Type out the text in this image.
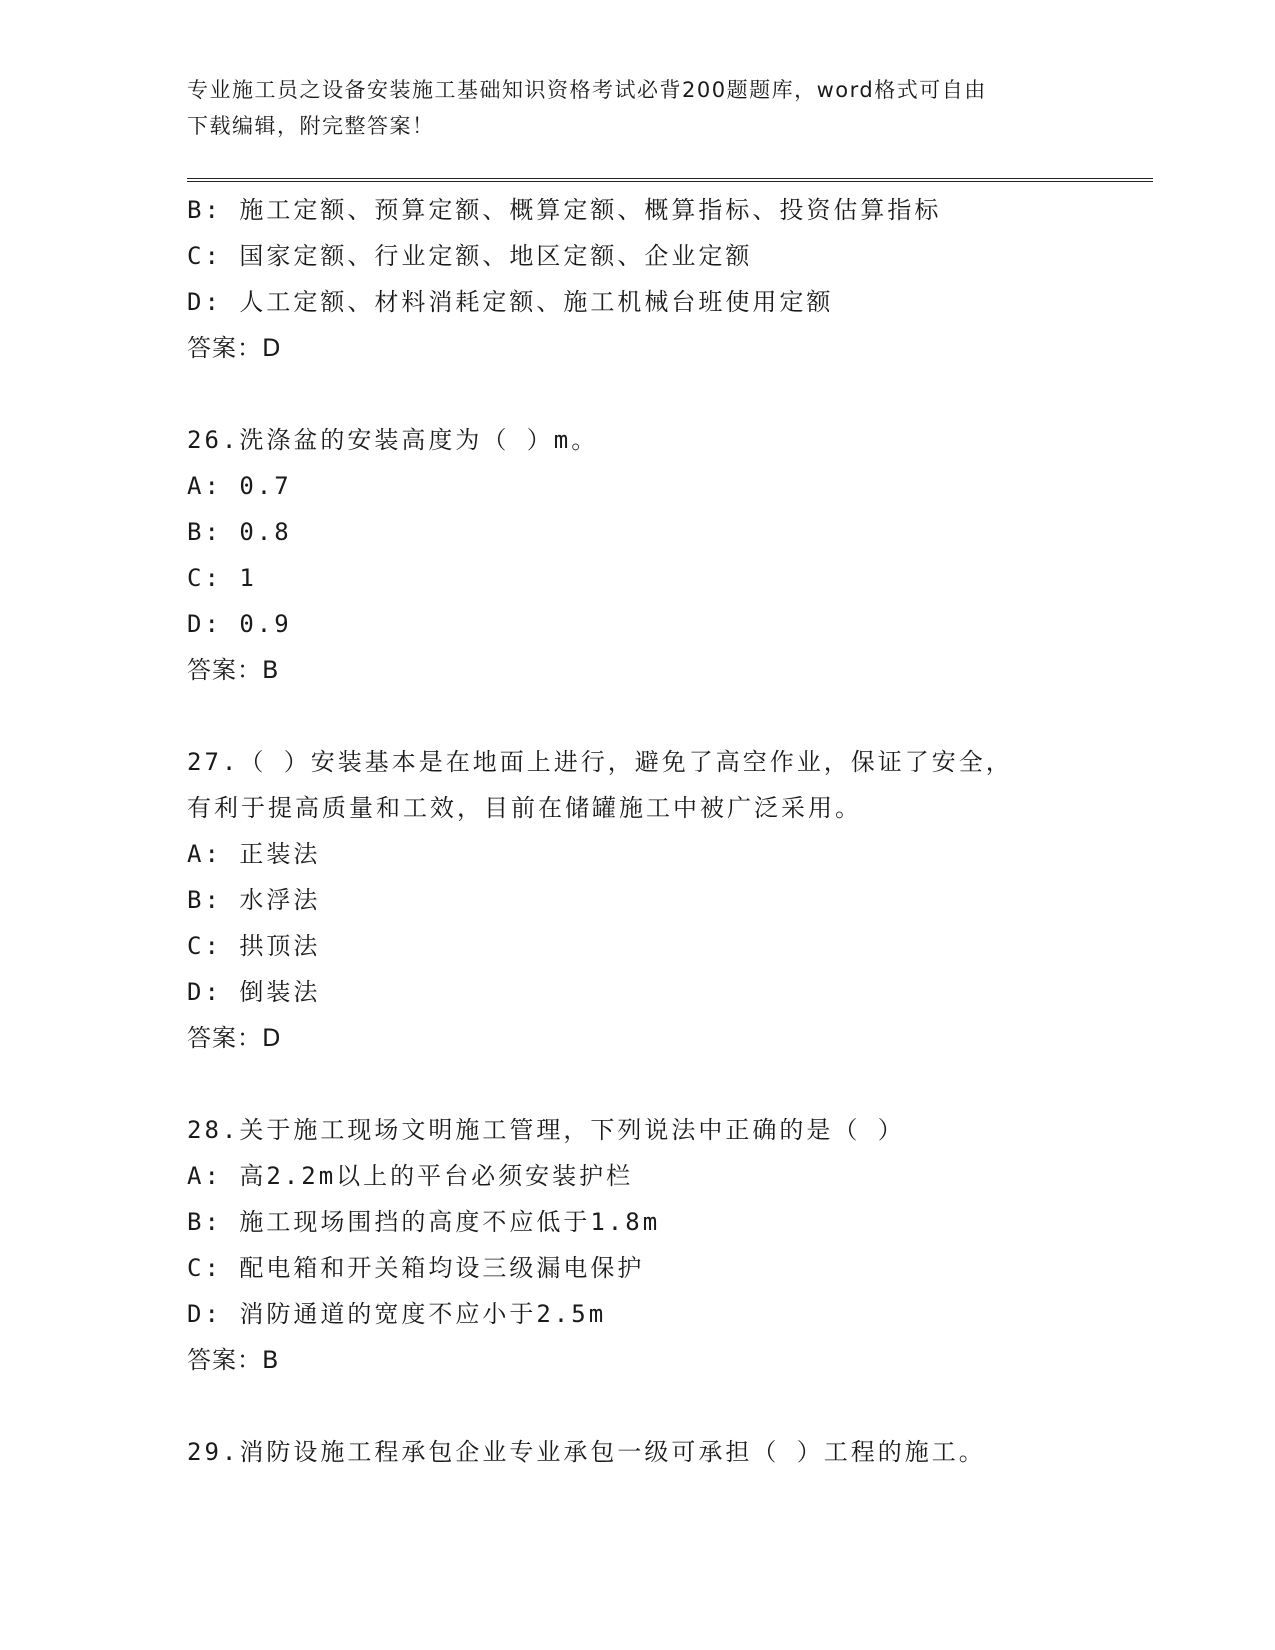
专业施工员之设备安装施工基础知识资格考试必背200题题库，word格式可自由
下载编辑，附完整答案！
B: 施工定额、预算定额、概算定额、概算指标、投资估算指标
C: 国家定额、行业定额、地区定额、企业定额
D: 人工定额、材料消耗定额、施工机械台班使用定额
答案：D
26.洗涤盆的安装高度为（ ）m。
A: 0.7
B: 0.8
C: 1
D: 0.9
答案：B
27.（ ）安装基本是在地面上进行，避免了高空作业，保证了安全，
有利于提高质量和工效，目前在储罐施工中被广泛采用。
A: 正装法
B: 水浮法
C: 拱顶法
D: 倒装法
答案：D
28.关于施工现场文明施工管理，下列说法中正确的是（ ）
A: 高2.2m以上的平台必须安装护栏
B: 施工现场围挡的高度不应低于1.8m
C: 配电箱和开关箱均设三级漏电保护
D: 消防通道的宽度不应小于2.5m
答案：B
29.消防设施工程承包企业专业承包一级可承担（ ）工程的施工。
